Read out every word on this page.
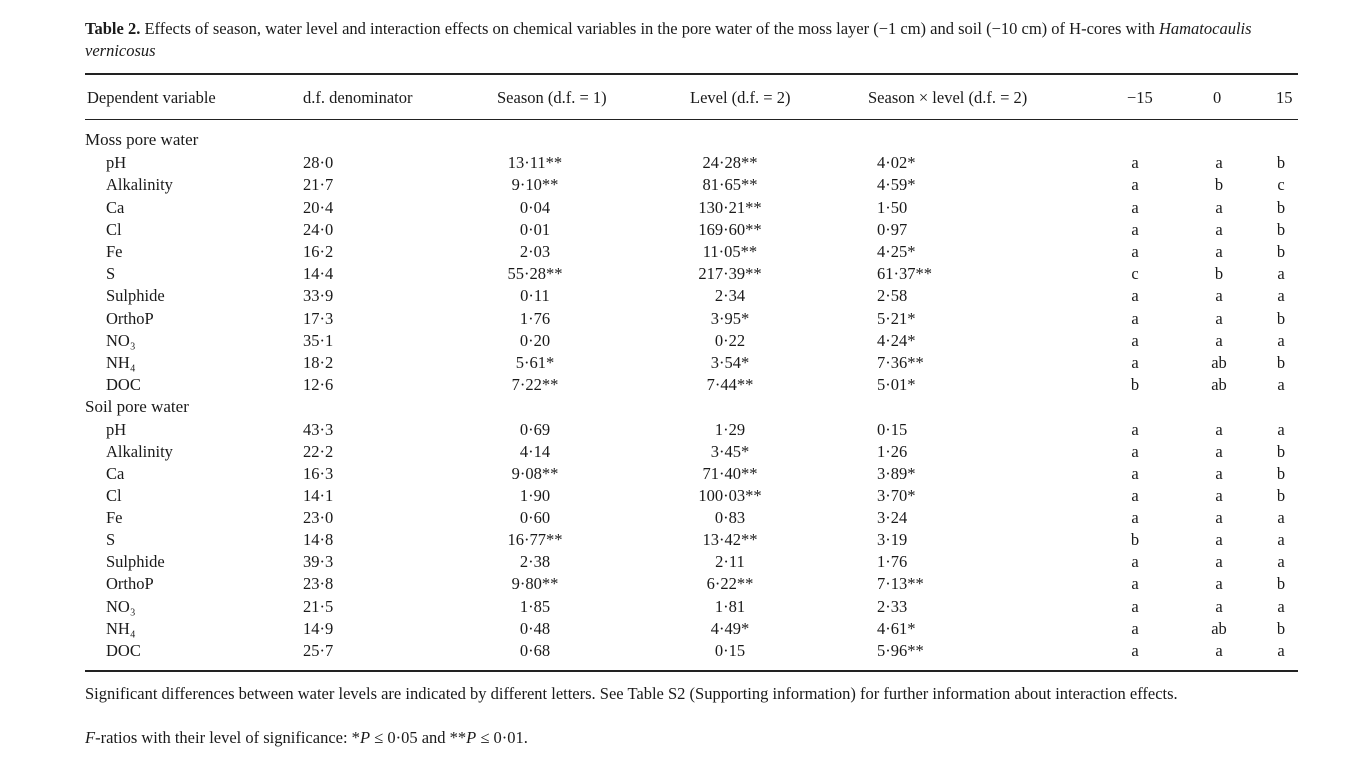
Table 2. Effects of season, water level and interaction effects on chemical variables in the pore water of the moss layer (−1 cm) and soil (−10 cm) of H-cores with Hamatocaulis vernicosus
Dependent variable	d.f. denominator	Season (d.f. = 1)	Level (d.f. = 2)	Season × level (d.f. = 2)	−15	0	15
Moss pore water
pH	28·0	13·11**	24·28**	4·02*	a	a	b
Alkalinity	21·7	9·10**	81·65**	4·59*	a	b	c
Ca	20·4	0·04	130·21**	1·50	a	a	b
Cl	24·0	0·01	169·60**	0·97	a	a	b
Fe	16·2	2·03	11·05**	4·25*	a	a	b
S	14·4	55·28**	217·39**	61·37**	c	b	a
Sulphide	33·9	0·11	2·34	2·58	a	a	a
OrthoP	17·3	1·76	3·95*	5·21*	a	a	b
NO₃	35·1	0·20	0·22	4·24*	a	a	a
NH₄	18·2	5·61*	3·54*	7·36**	a	ab	b
DOC	12·6	7·22**	7·44**	5·01*	b	ab	a
Soil pore water
pH	43·3	0·69	1·29	0·15	a	a	a
Alkalinity	22·2	4·14	3·45*	1·26	a	a	b
Ca	16·3	9·08**	71·40**	3·89*	a	a	b
Cl	14·1	1·90	100·03**	3·70*	a	a	b
Fe	23·0	0·60	0·83	3·24	a	a	a
S	14·8	16·77**	13·42**	3·19	b	a	a
Sulphide	39·3	2·38	2·11	1·76	a	a	a
OrthoP	23·8	9·80**	6·22**	7·13**	a	a	b
NO₃	21·5	1·85	1·81	2·33	a	a	a
NH₄	14·9	0·48	4·49*	4·61*	a	ab	b
DOC	25·7	0·68	0·15	5·96**	a	a	a
Significant differences between water levels are indicated by different letters. See Table S2 (Supporting information) for further information about interaction effects.
F-ratios with their level of significance: *P ≤ 0·05 and **P ≤ 0·01.
